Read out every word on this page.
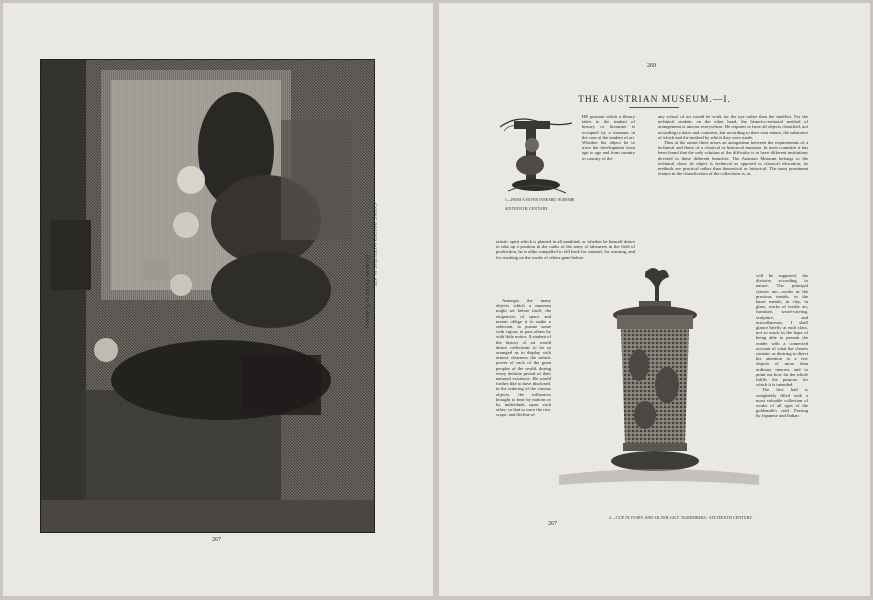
GOING ROUND WITH THE PLATE.
(From the Picture by G. Kraus.)
267
269
THE AUSTRIAN MUSEUM.—I.
1.—FROM A SILVER TANKARD: NUREMBERG.
SIXTEENTH CENTURY.

HE position which a library takes to the student of history or literature is occupied by a museum in the case of the student of art. Whether his object be to trace the development from age to age and from country to country of the

artistic spirit which is planted in all mankind, or whether he himself desire to take up a position in the ranks of the army of labourers in the field of production, he is alike compelled to fall back for counsel, for warning, and for teaching on the works of others gone before.

Amongst the many objects which a museum might set before itself, the exigencies of space and means oblige it to make a selection, to pursue some with vigour, to pass others by with little notice. A student of the history of art would desire collections to be so arranged as to display with utmost clearness the artistic power of each of the great peoples of the world, during every definite period of their national existence. He would further like to have disclosed, in the ordering of the various objects, the influences brought to bear by nations or by individuals upon each other; so that to trace the rise, scope, and decline of

any school of art would be work for the eye rather than the intellect. For the technical student, on the other hand, the historico-national method of arrangement is unwise everywhere. He requires to have all objects classified, not according to dates and countries, but according to their own nature, the substance of which and the method by which they were made.

Thus at the outset there arises an antagonism between the requirements of a technical and those of a classical or historical museum. In most countries it has been found that the only solution of the difficulty is to have different institutions devoted to these different branches. The Austrian Museum belongs to the technical class; its object is technical as opposed to classical education; its methods are practical rather than theoretical or historical. The most prominent feature in the classification of the collections is, as

will be supposed, the division according to nature. The principal classes are—works in the precious metals, in the baser metals, in clay, in glass, works of textile art, furniture, wood-carving, sculpture, and miscellaneous. I shall glance briefly at each class, not so much in the hope of being able to present the reader with a connected account of what the classes contain, as desiring to direct his attention to a few objects of more than ordinary interest, and to point out how far the whole fulfils the purpose for which it is intended.

The first hall is completely filled with a most valuable collection of works of all ages of the goldsmith's craft. Passing by Japanese and Indian

2.—CUP IN IVORY AND SILVER-GILT: NUREMBERG. SIXTEENTH CENTURY.
267
